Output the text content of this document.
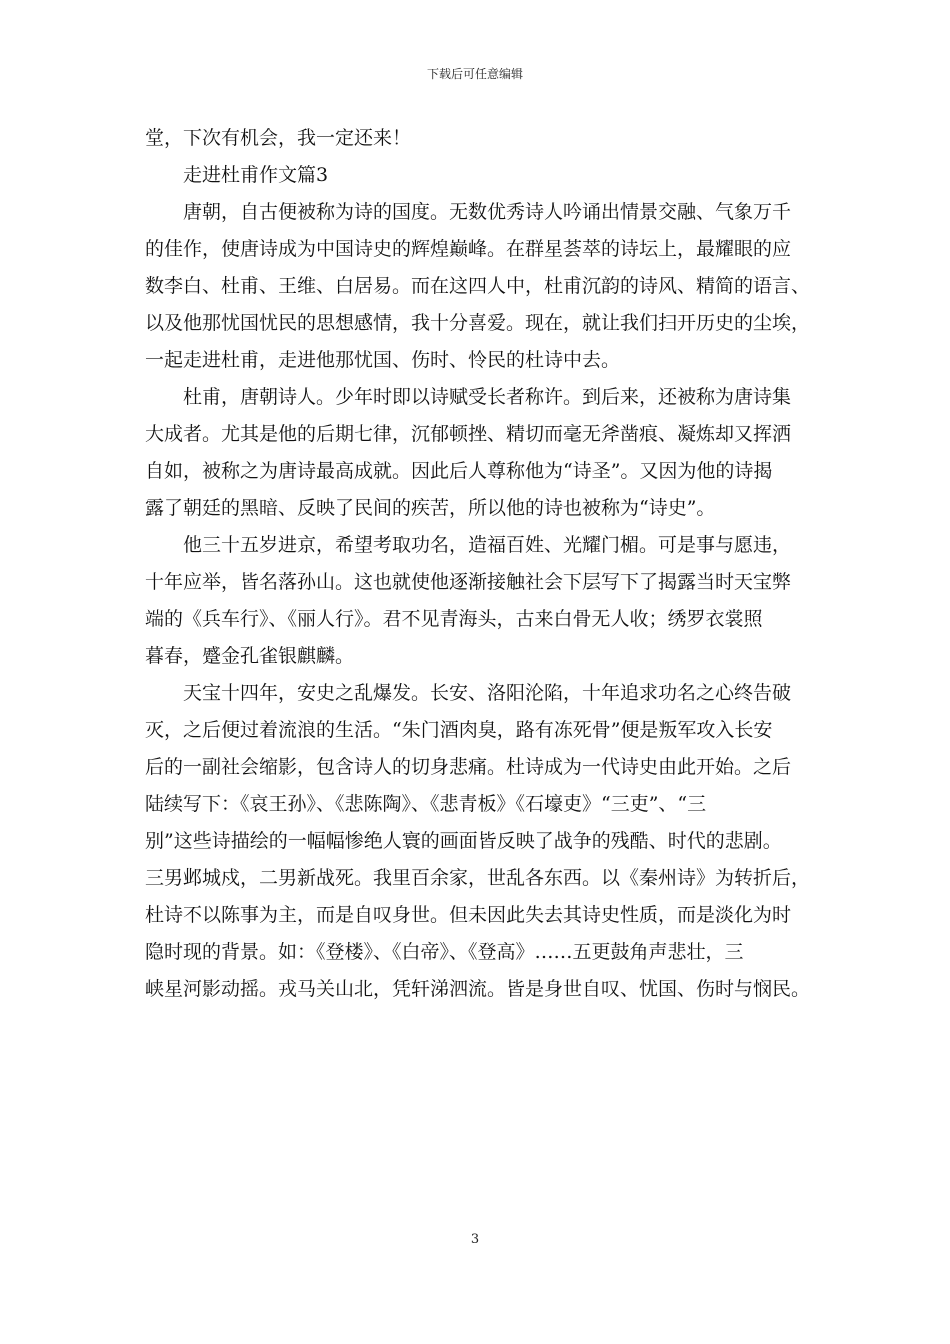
下载后可任意编辑
堂，下次有机会，我一定还来！
走进杜甫作文篇3
唐朝，自古便被称为诗的国度。无数优秀诗人吟诵出情景交融、气象万千
的佳作，使唐诗成为中国诗史的辉煌巅峰。在群星荟萃的诗坛上，最耀眼的应
数李白、杜甫、王维、白居易。而在这四人中，杜甫沉韵的诗风、精简的语言、
以及他那忧国忧民的思想感情，我十分喜爱。现在，就让我们扫开历史的尘埃，
一起走进杜甫，走进他那忧国、伤时、怜民的杜诗中去。
杜甫，唐朝诗人。少年时即以诗赋受长者称许。到后来，还被称为唐诗集
大成者。尤其是他的后期七律，沉郁顿挫、精切而毫无斧凿痕、凝炼却又挥洒
自如，被称之为唐诗最高成就。因此后人尊称他为“诗圣”。又因为他的诗揭
露了朝廷的黑暗、反映了民间的疾苦，所以他的诗也被称为“诗史”。
他三十五岁进京，希望考取功名，造福百姓、光耀门楣。可是事与愿违，
十年应举，皆名落孙山。这也就使他逐渐接触社会下层写下了揭露当时天宝弊
端的《兵车行》、《丽人行》。君不见青海头，古来白骨无人收；绣罗衣裳照
暮春，蹙金孔雀银麒麟。
天宝十四年，安史之乱爆发。长安、洛阳沦陷，十年追求功名之心终告破
灭，之后便过着流浪的生活。“朱门酒肉臭，路有冻死骨”便是叛军攻入长安
后的一副社会缩影，包含诗人的切身悲痛。杜诗成为一代诗史由此开始。之后
陆续写下：《哀王孙》、《悲陈陶》、《悲青板》《石壕吏》“三吏”、“三
别”这些诗描绘的一幅幅惨绝人寰的画面皆反映了战争的残酷、时代的悲剧。
三男邺城戍，二男新战死。我里百余家，世乱各东西。以《秦州诗》为转折后，
杜诗不以陈事为主，而是自叹身世。但未因此失去其诗史性质，而是淡化为时
隐时现的背景。如：《登楼》、《白帝》、《登高》……五更鼓角声悲壮，三
峡星河影动摇。戎马关山北，凭轩涕泗流。皆是身世自叹、忧国、伤时与悯民。
3
